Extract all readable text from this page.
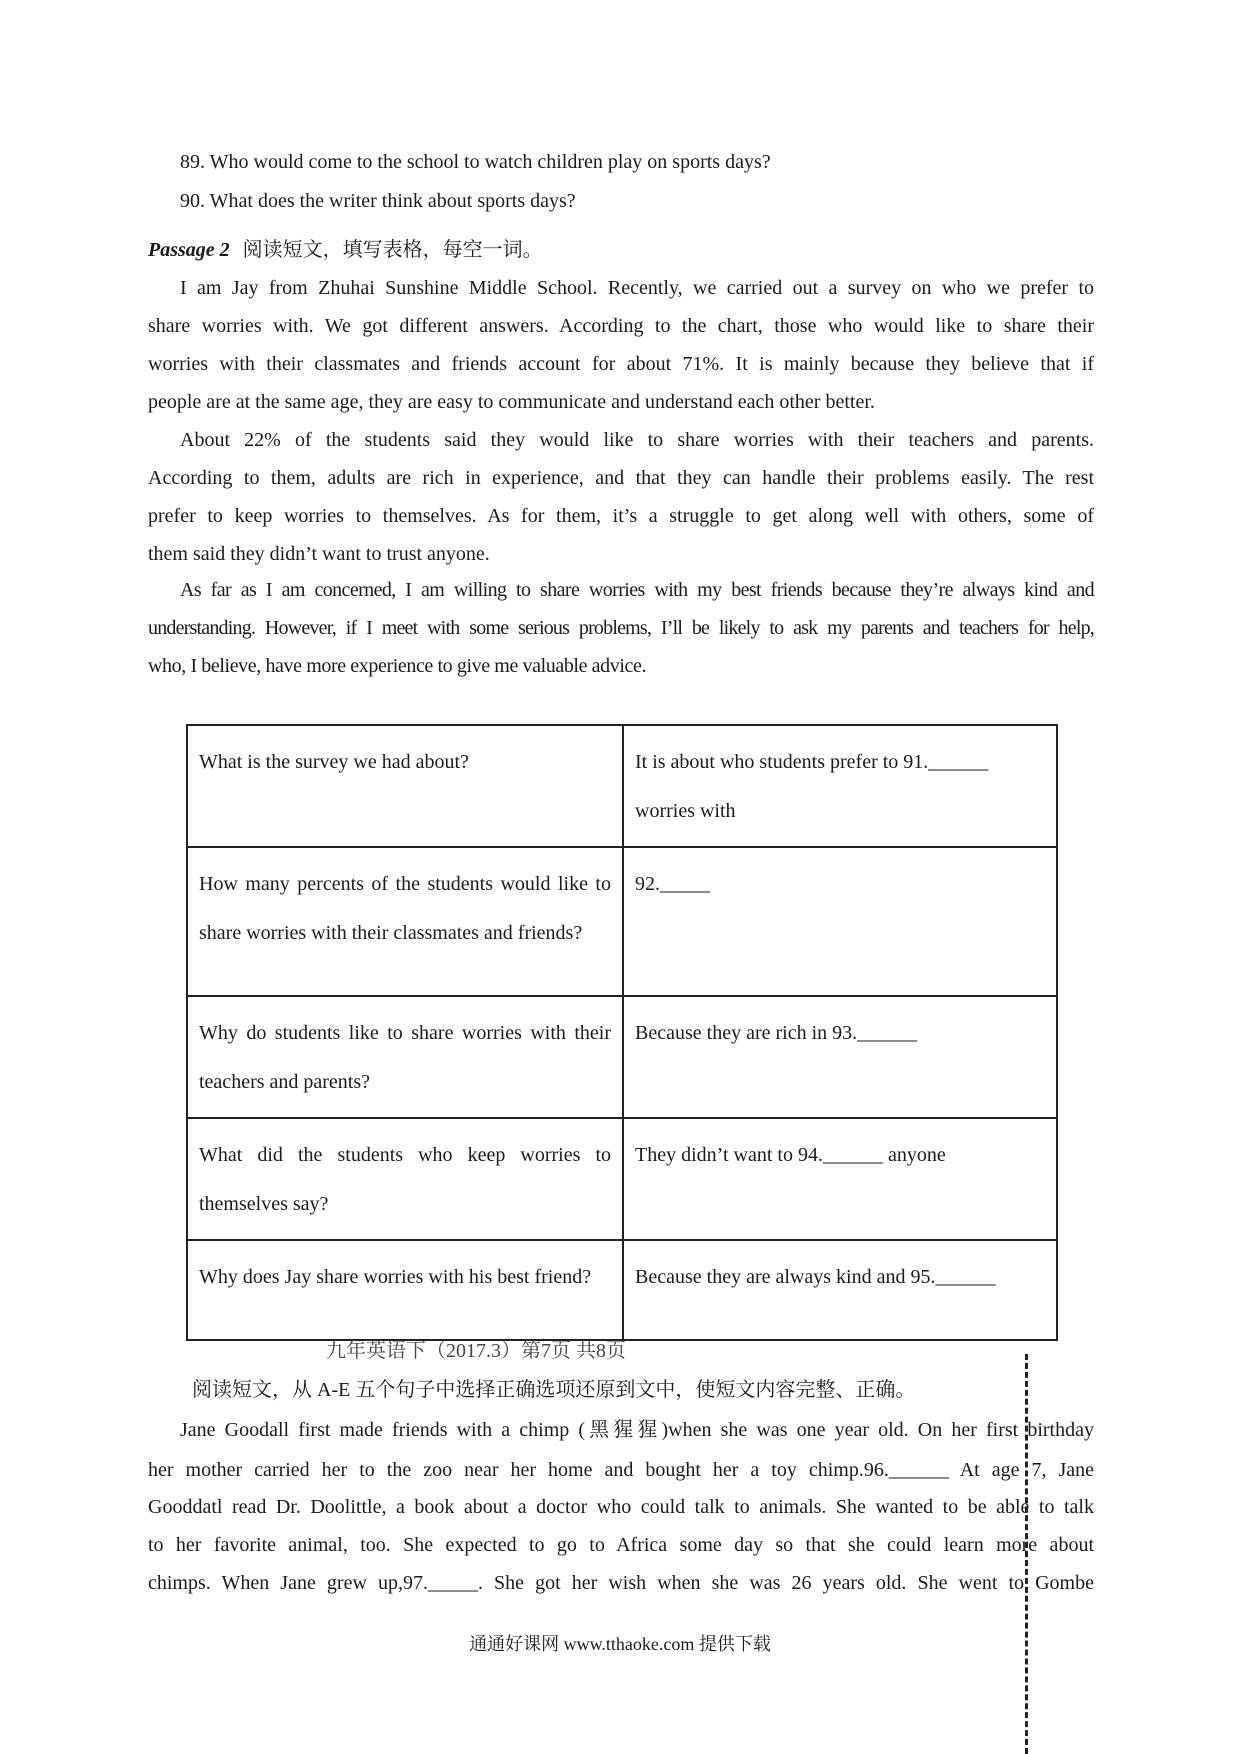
89. Who would come to the school to watch children play on sports days?
90. What does the writer think about sports days?
Passage 2 阅读短文，填写表格，每空一词。
I am Jay from Zhuhai Sunshine Middle School. Recently, we carried out a survey on who we prefer to
share worries with. We got different answers. According to the chart, those who would like to share their
worries with their classmates and friends account for about 71%. It is mainly because they believe that if
people are at the same age, they are easy to communicate and understand each other better.
About 22% of the students said they would like to share worries with their teachers and parents.
According to them, adults are rich in experience, and that they can handle their problems easily. The rest
prefer to keep worries to themselves. As for them, it’s a struggle to get along well with others, some of
them said they didn’t want to trust anyone.
As far as I am concerned, I am willing to share worries with my best friends because they’re always kind and
understanding. However, if I meet with some serious problems, I’ll be likely to ask my parents and teachers for help,
who, I believe, have more experience to give me valuable advice.
What is the survey we had about?	It is about who students prefer to 91.______ worries with
How many percents of the students would like to share worries with their classmates and friends?	92._____
Why do students like to share worries with their teachers and parents?	Because they are rich in 93.______
What did the students who keep worries to themselves say?	They didn’t want to 94.______ anyone
Why does Jay share worries with his best friend?	Because they are always kind and 95.______
九年英语下（2017.3）第7页 共8页
阅读短文，从 A-E 五个句子中选择正确选项还原到文中，使短文内容完整、正确。
Jane Goodall first made friends with a chimp (黑猩猩)when she was one year old. On her first birthday
her mother carried her to the zoo near her home and bought her a toy chimp.96.______ At age 7, Jane
Gooddatl read Dr. Doolittle, a book about a doctor who could talk to animals. She wanted to be able to talk
to her favorite animal, too. She expected to go to Africa some day so that she could learn more about
chimps. When Jane grew up,97._____. She got her wish when she was 26 years old. She went to Gombe
通通好课网 www.tthaoke.com 提供下载
